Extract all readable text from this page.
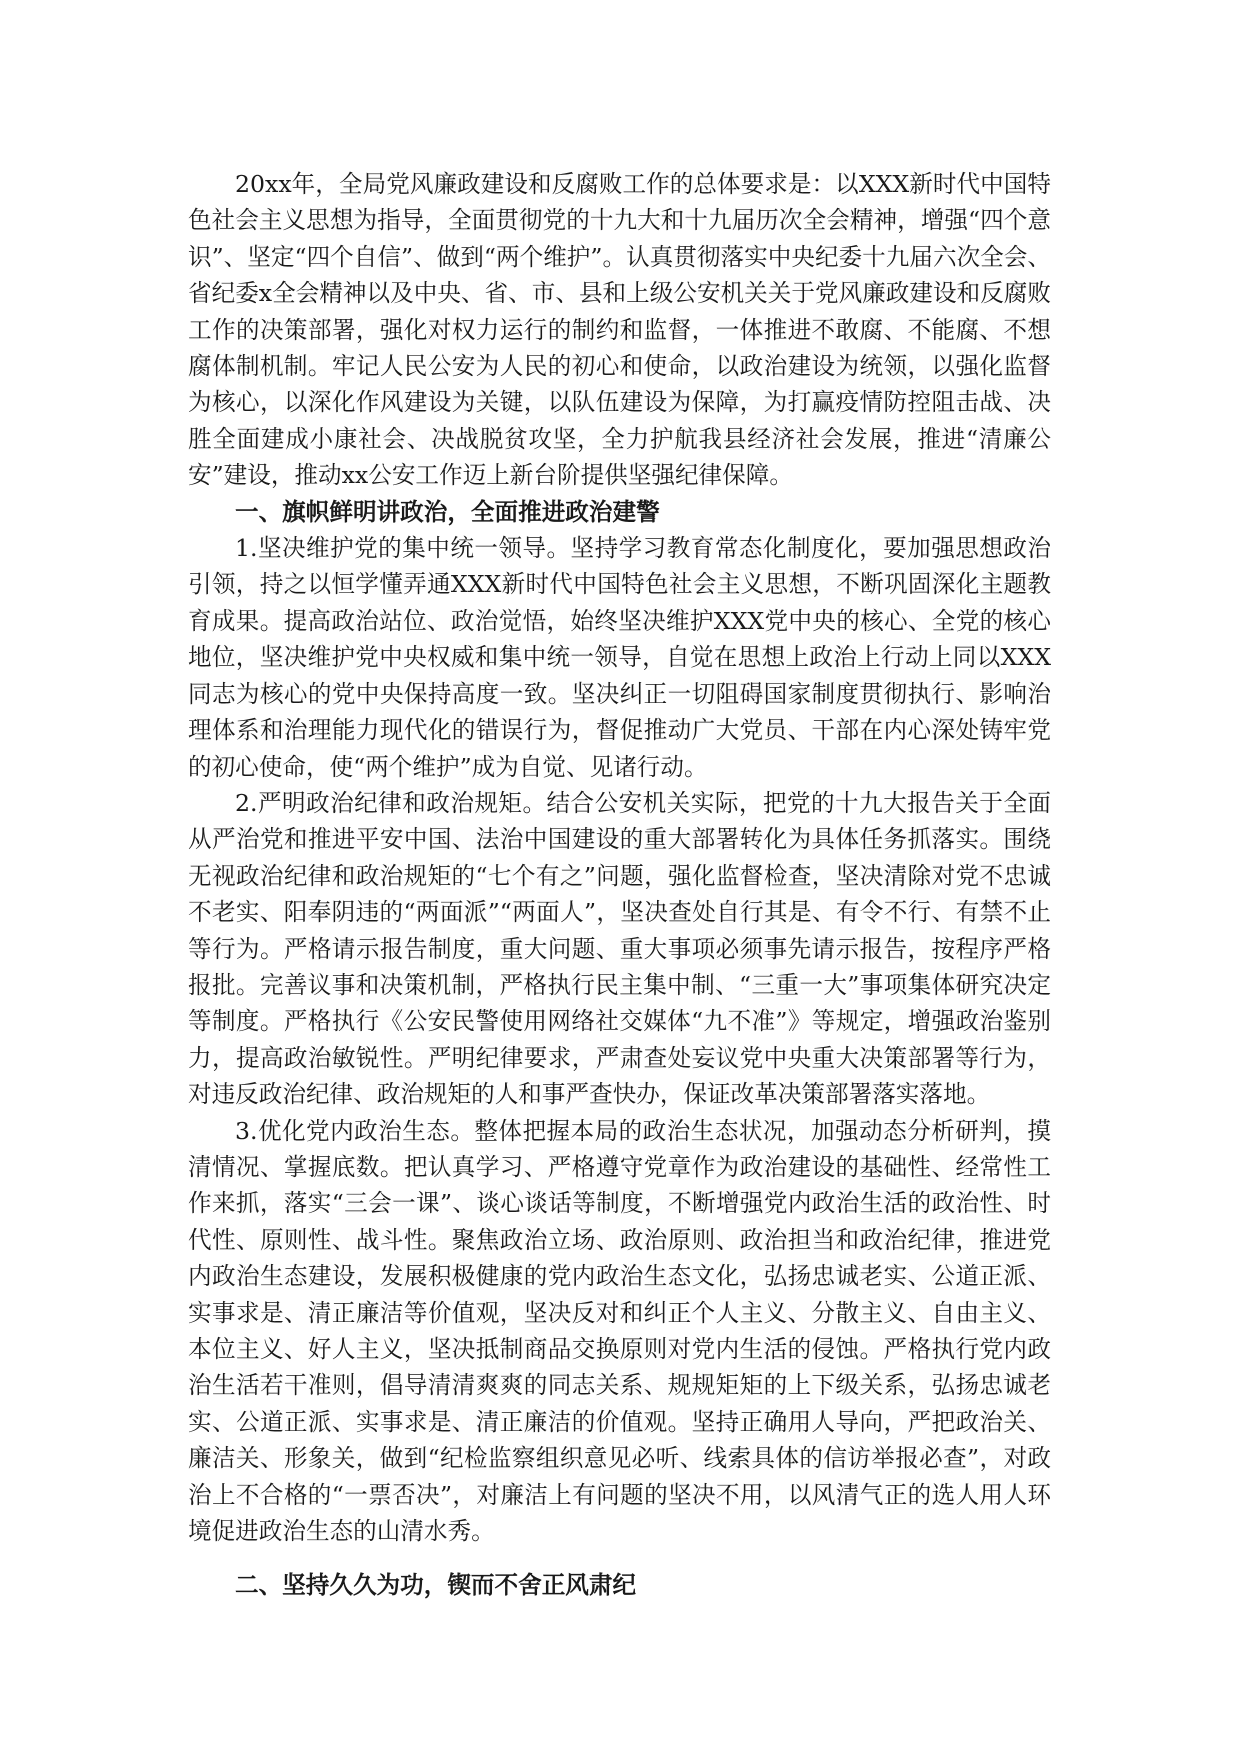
20xx年，全局党风廉政建设和反腐败工作的总体要求是：以XXX新时代中国特色社会主义思想为指导，全面贯彻党的十九大和十九届历次全会精神，增强“四个意识”、坚定“四个自信”、做到“两个维护”。认真贯彻落实中央纪委十九届六次全会、省纪委x全会精神以及中央、省、市、县和上级公安机关关于党风廉政建设和反腐败工作的决策部署，强化对权力运行的制约和监督，一体推进不敢腐、不能腐、不想腐体制机制。牢记人民公安为人民的初心和使命，以政治建设为统领，以强化监督为核心，以深化作风建设为关键，以队伍建设为保障，为打赢疫情防控阻击战、决胜全面建成小康社会、决战脱贫攻坚，全力护航我县经济社会发展，推进“清廉公安”建设，推动xx公安工作迈上新台阶提供坚强纪律保障。

一、旗帜鲜明讲政治，全面推进政治建警

1.坚决维护党的集中统一领导。坚持学习教育常态化制度化，要加强思想政治引领，持之以恒学懂弄通XXX新时代中国特色社会主义思想，不断巩固深化主题教育成果。提高政治站位、政治觉悟，始终坚决维护XXX党中央的核心、全党的核心地位，坚决维护党中央权威和集中统一领导，自觉在思想上政治上行动上同以XXX同志为核心的党中央保持高度一致。坚决纠正一切阻碍国家制度贯彻执行、影响治理体系和治理能力现代化的错误行为，督促推动广大党员、干部在内心深处铸牢党的初心使命，使“两个维护”成为自觉、见诸行动。

2.严明政治纪律和政治规矩。结合公安机关实际，把党的十九大报告关于全面从严治党和推进平安中国、法治中国建设的重大部署转化为具体任务抓落实。围绕无视政治纪律和政治规矩的“七个有之”问题，强化监督检查，坚决清除对党不忠诚不老实、阳奉阴违的“两面派”“两面人”，坚决查处自行其是、有令不行、有禁不止等行为。严格请示报告制度，重大问题、重大事项必须事先请示报告，按程序严格报批。完善议事和决策机制，严格执行民主集中制、“三重一大”事项集体研究决定等制度。严格执行《公安民警使用网络社交媒体“九不准”》等规定，增强政治鉴别力，提高政治敏锐性。严明纪律要求，严肃查处妄议党中央重大决策部署等行为，对违反政治纪律、政治规矩的人和事严查快办，保证改革决策部署落实落地。

3.优化党内政治生态。整体把握本局的政治生态状况，加强动态分析研判，摸清情况、掌握底数。把认真学习、严格遵守党章作为政治建设的基础性、经常性工作来抓，落实“三会一课”、谈心谈话等制度，不断增强党内政治生活的政治性、时代性、原则性、战斗性。聚焦政治立场、政治原则、政治担当和政治纪律，推进党内政治生态建设，发展积极健康的党内政治生态文化，弘扬忠诚老实、公道正派、实事求是、清正廉洁等价值观，坚决反对和纠正个人主义、分散主义、自由主义、本位主义、好人主义，坚决抵制商品交换原则对党内生活的侵蚀。严格执行党内政治生活若干准则，倡导清清爽爽的同志关系、规规矩矩的上下级关系，弘扬忠诚老实、公道正派、实事求是、清正廉洁的价值观。坚持正确用人导向，严把政治关、廉洁关、形象关，做到“纪检监察组织意见必听、线索具体的信访举报必查”，对政治上不合格的“一票否决”，对廉洁上有问题的坚决不用，以风清气正的选人用人环境促进政治生态的山清水秀。

二、坚持久久为功，锲而不舍正风肃纪
